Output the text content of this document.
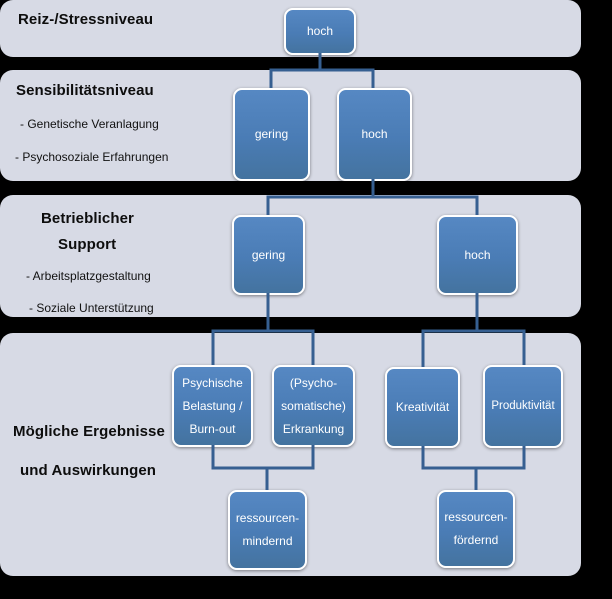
Reiz-/Stressniveau
Sensibilitätsniveau
- Genetische Veranlagung
- Psychosoziale Erfahrungen
Betrieblicher
Support
- Arbeitsplatzgestaltung
- Soziale Unterstützung
Mögliche Ergebnisse
und Auswirkungen
hoch
gering	hoch
gering	hoch
Psychische
Belastung /
Burn-out
(Psycho-
somatische)
Erkrankung
Kreativität	Produktivität
ressourcen-
mindernd
ressourcen-
fördernd
